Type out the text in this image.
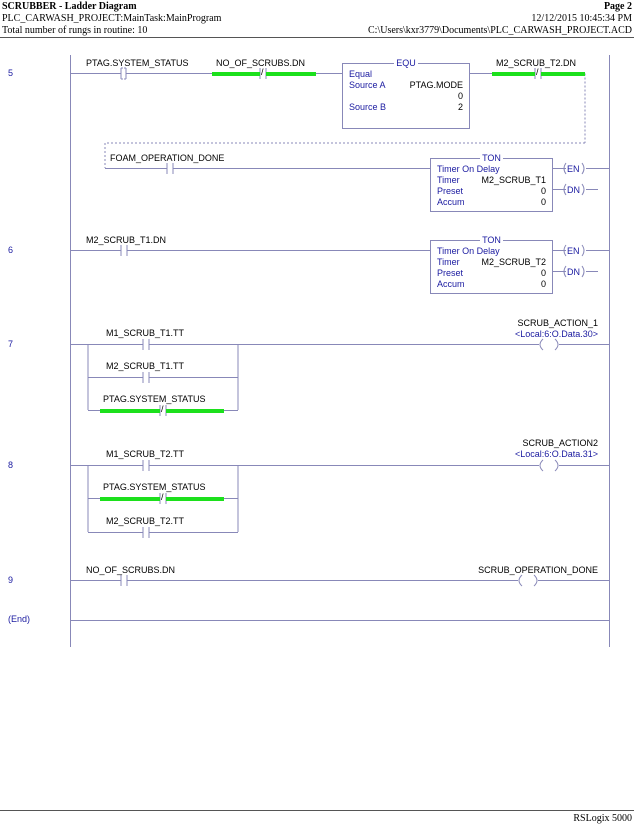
SCRUBBER - Ladder Diagram	Page 2
PLC_CARWASH_PROJECT:MainTask:MainProgram	12/12/2015 10:45:34 PM
Total number of rungs in routine: 10	C:\Users\kxr3779\Documents\PLC_CARWASH_PROJECT.ACD
/	/
/
/
5
PTAG.SYSTEM_STATUS	NO_OF_SCRUBS.DN	M2_SCRUB_T2.DN
EQU
Equal
Source A	PTAG.MODE
0
Source B	2
FOAM_OPERATION_DONE	TON
Timer On Delay
Timer M2_SCRUB_T1
Preset	0
Accum	0
EN
DN
6
M2_SCRUB_T1.DN	TON
Timer On Delay
Timer M2_SCRUB_T2
Preset	0
Accum	0
EN
DN
7
M1_SCRUB_T1.TT
M2_SCRUB_T1.TT
PTAG.SYSTEM_STATUS
SCRUB_ACTION_1
<Local:6:O.Data.30>
8
M1_SCRUB_T2.TT
PTAG.SYSTEM_STATUS
M2_SCRUB_T2.TT
SCRUB_ACTION2
<Local:6:O.Data.31>
9
NO_OF_SCRUBS.DN	SCRUB_OPERATION_DONE
(End)
RSLogix 5000
